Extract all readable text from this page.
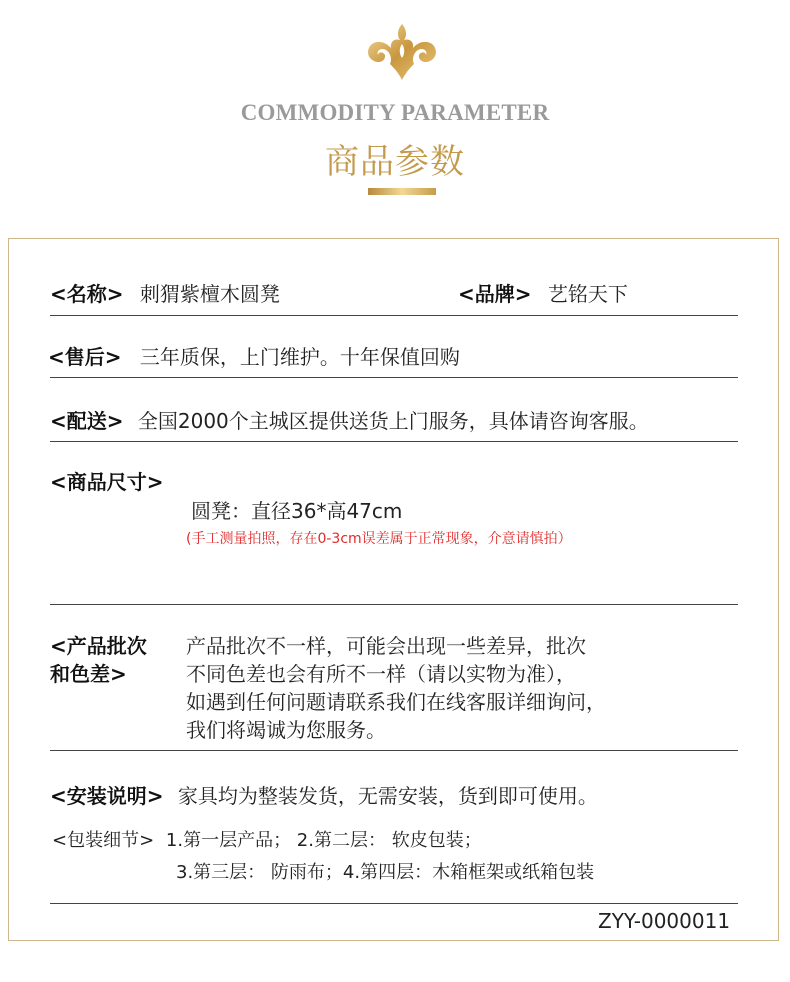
COMMODITY PARAMETER
商品参数
<名称> 刺猬紫檀木圆凳	<品牌> 艺铭天下
<售后> 三年质保，上门维护。十年保值回购
<配送> 全国2000个主城区提供送货上门服务，具体请咨询客服。
<商品尺寸>
圆凳：直径36*高47cm
(手工测量拍照，存在0-3cm误差属于正常现象，介意请慎拍）
<产品批次
和色差>
产品批次不一样，可能会出现一些差异，批次
不同色差也会有所不一样（请以实物为准），
如遇到任何问题请联系我们在线客服详细询问，
我们将竭诚为您服务。
<安装说明> 家具均为整装发货，无需安装，货到即可使用。
<包装细节> 1.第一层产品； 2.第二层： 软皮包装；
3.第三层： 防雨布；4.第四层：木箱框架或纸箱包装
ZYY-0000011
